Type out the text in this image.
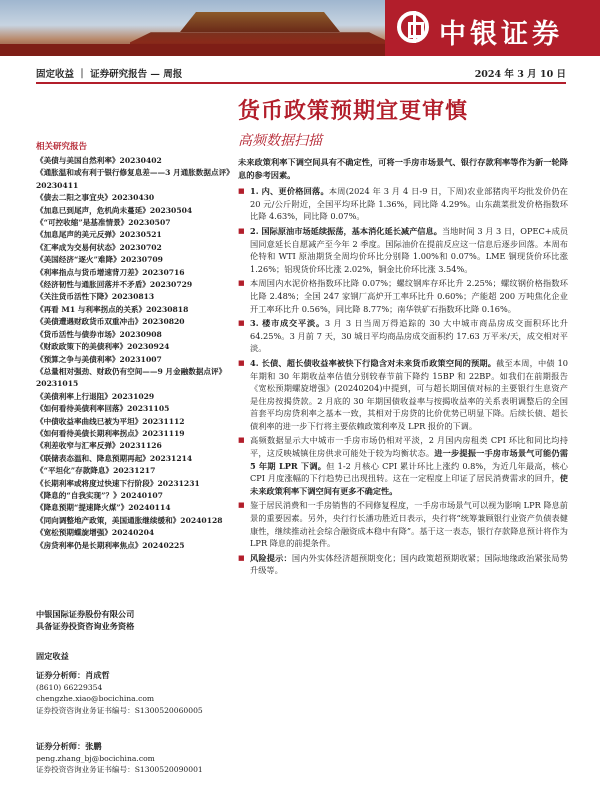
中银证券
固定收益 ｜ 证券研究报告 — 周报	2024 年 3 月 10 日
货币政策预期宜更审慎
高频数据扫描
相关研究报告
《美债与美国自然利率》20230402
《通胀温和或有利于银行修复息差——3 月通胀数据点评》20230411
《债去二阳之事宜央》20230430
《加息已到尾声，危机尚未蔓延》20230504
《“可控收缩”是基准情景》20230507
《加息尾声的美元反弹》20230521
《汇率成为交易何状态》20230702
《美国经济“逐火”难降》20230709
《利率指点与货币增速背刀差》20230716
《经济韧性与通胀回落并不矛盾》20230729
《关注货币活性下降》20230813
《再看 M1 与利率拐点的关系》20230818
《美债遭遇财政货币双重冲击》20230820
《货币活性与债券市场》20230908
《财政政策下的美债利率》20230924
《预算之争与美债利率》20231007
《总量相对强劲、财政仍有空间——9 月金融数据点评》20231015
《美债利率上行退阻》20231029
《如何看待美债利率回落》20231105
《中债收益率曲线已被为平坦》20231112
《如何看待美债长期利率拐点》20231119
《利差收窄与汇率反弹》20231126
《联储表态温和、降息预期再起》20231214
《“平坦化”存款降息》20231217
《长期利率或将度过快速下行阶段》20231231
《降息的“自我实现”？》20240107
《降息预期“提速降火煤”》20240114
《同向调整地产政策，美国通胀继续缓和》20240128
《宽松预期蝶旋增强》20240204
《房贷利率仍是长期利率焦点》20240225
中银国际证券股份有限公司
具备证券投资咨询业务资格
固定收益
证券分析师：肖成哲
(8610) 66229354
chengzhe.xiao@bocichina.com
证券投资咨询业务证书编号：S1300520060005
证券分析师：张鹏
peng.zhang_bj@bocichina.com
证券投资咨询业务证书编号：S1300520090001

未来政策利率下调空间具有不确定性，可将一手房市场景气、银行存款利率等作为新一轮降息的参考因素。

■ 1. 内、更价格回落。本周(2024 年 3 月 4 日-9 日，下周)农业部猪肉平均批发价仍在 20 元/公斤附近，全国平均环比降 1.36%，同比降 4.29%。山东蔬菜批发价格指数环比降 4.63%，同比降 0.07%。

■ 2. 国际原油市场延续振荡，基本消化延长减产信息。当地时间 3 月 3 日，OPEC+成员国同意延长自愿减产至今年 2 季度。国际油价在提前反应这一信息后逐步回落。本周布伦特和 WTI 原油期货全周均价环比分别降 1.00%和 0.07%。LME 铜现货价环比涨 1.26%；铝现货价环比涨 2.02%，铜金比价环比涨 3.54%。

■ 本周国内水泥价格指数环比降 0.07%；螺纹钢库存环比升 2.25%；螺纹钢价格指数环比降 2.48%；全国 247 家钢厂高炉开工率环比升 0.60%；产能超 200 万吨焦化企业开工率环比升 0.56%，同比降 8.77%；南华铁矿石指数环比降 0.16%。

■ 3. 楼市成交平淡。3 月 3 日当周万得追踪的 30 大中城市商品房成交面积环比升 64.25%。3 月前 7 天，30 城日平均商品房成交面积约 17.63 万平米/天，成交相对平淡。

■ 4. 长债、超长债收益率被快下行隐含对未来货币政策空间的预期。截至本周，中债 10 年期和 30 年期收益率估值分别较春节前下降约 15BP 和 22BP。如我们在前期报告《宽松预期螺旋增强》(20240204)中提到，可与超长期国债对标的主要银行生息资产是住房按揭贷款。2 月底的 30 年期国债收益率与按揭收益率的关系表明调整后的全国首套平均房贷利率之基本一致，其相对于房贷的比价优势已明显下降。后续长债、超长债利率的进一步下行将主要依赖政策利率及 LPR 报价的下调。

■ 高频数据显示大中城市一手房市场仍相对平淡，2 月国内房租类 CPI 环比和同比均持平，这反映城镇住房供求可能处于较为均衡状态。进一步提振一手房市场景气可能仍需 5 年期 LPR 下调。但 1-2 月核心 CPI 累计环比上涨约 0.8%，为近几年最高，核心 CPI 月度涨幅的下行趋势已出现扭转。这在一定程度上印证了居民消费需求的回升，使未来政策利率下调空间有更多不确定性。

■ 鉴于居民消费和一手房销售的不同修复程度，一手房市场景气可以视为影响 LPR 降息前景的重要因素。另外，央行行长潘功胜近日表示，央行将“统筹兼顾银行业资产负债表健康性，继续推动社会综合融资成本稳中有降”。基于这一表态，银行存款降息预计将作为 LPR 降息的前提条件。

■ 风险提示：国内外实体经济超预期变化；国内政策超预期收紧；国际地缘政治紧张局势升级等。
